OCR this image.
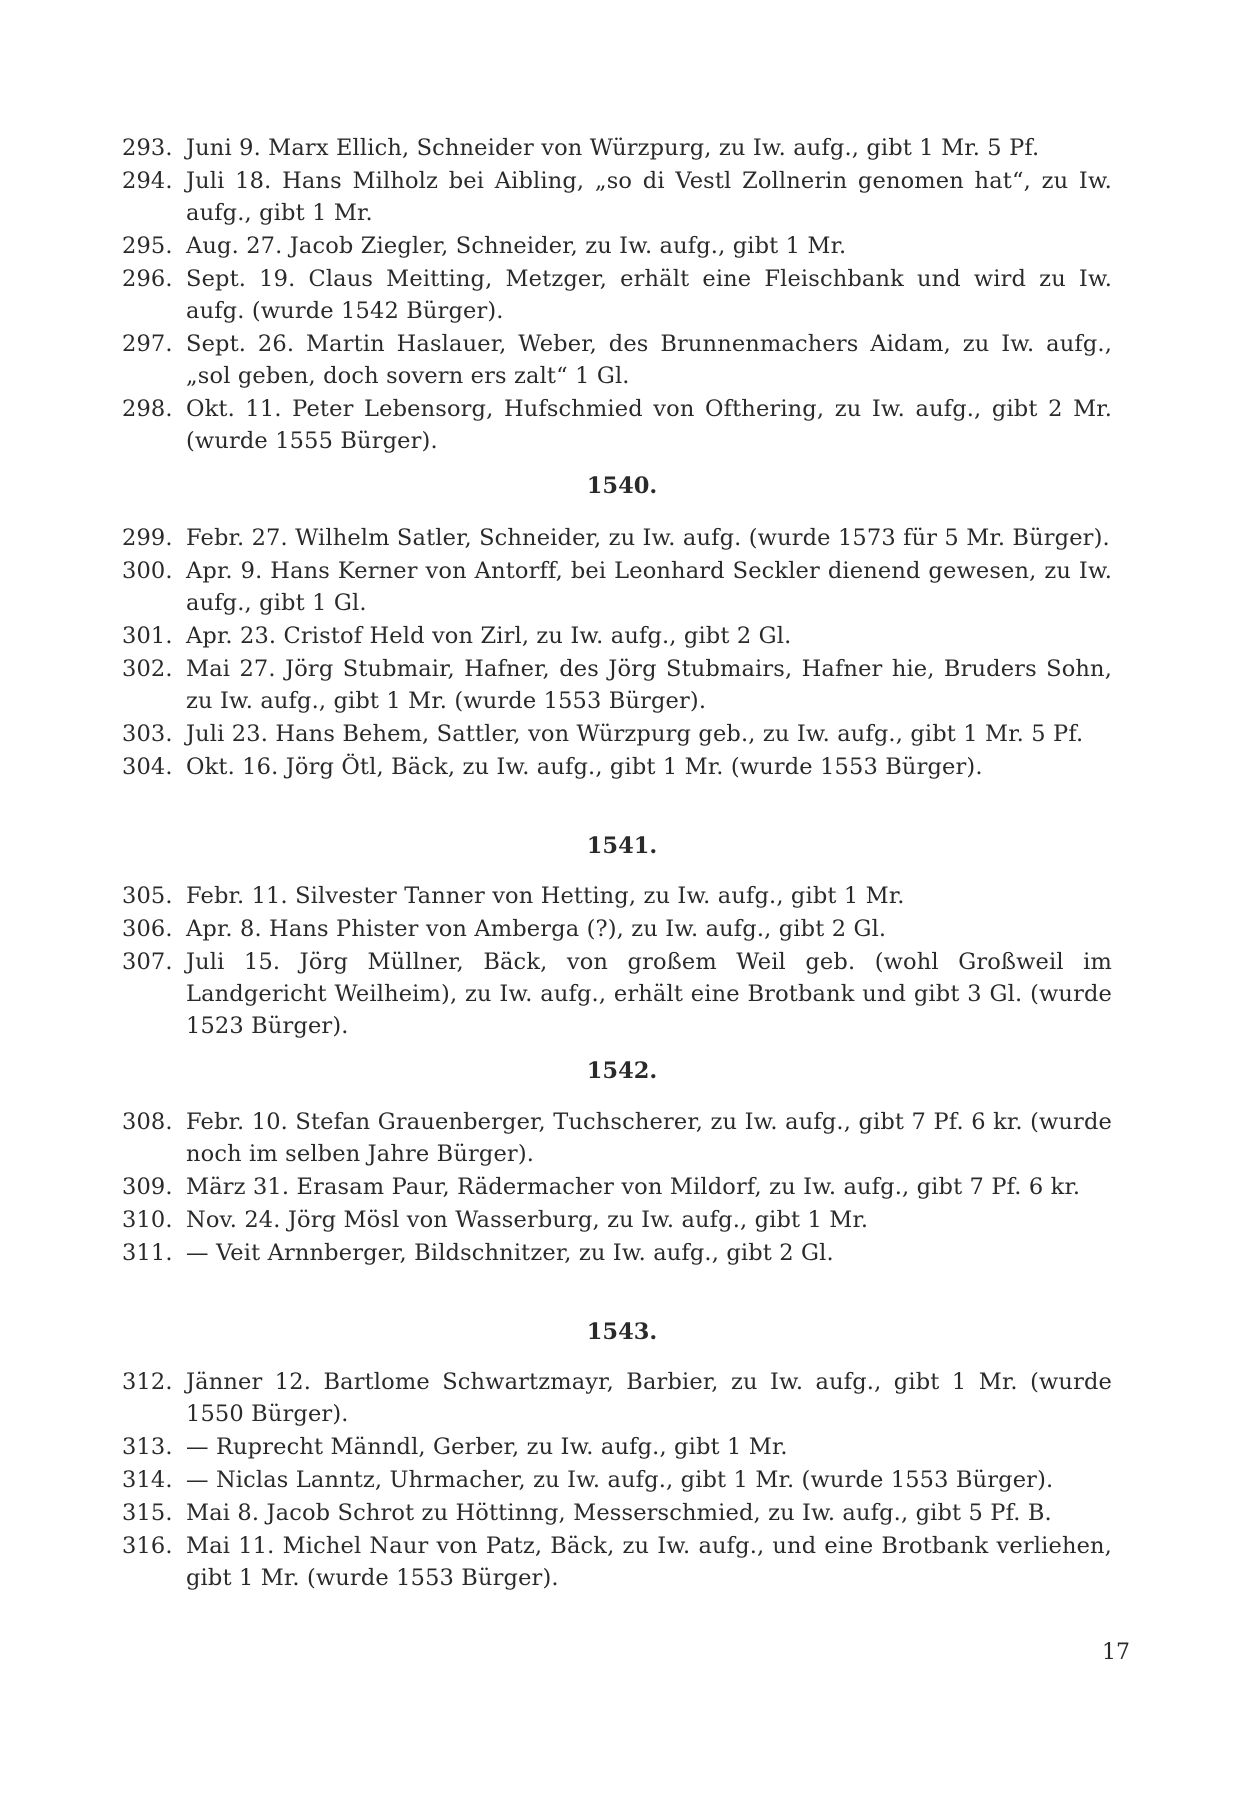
293. Juni 9. Marx Ellich, Schneider von Würzpurg, zu Iw. aufg., gibt 1 Mr. 5 Pf.
294. Juli 18. Hans Milholz bei Aibling, „so di Vestl Zollnerin genomen hat“, zu Iw. aufg., gibt 1 Mr.
295. Aug. 27. Jacob Ziegler, Schneider, zu Iw. aufg., gibt 1 Mr.
296. Sept. 19. Claus Meitting, Metzger, erhält eine Fleischbank und wird zu Iw. aufg. (wurde 1542 Bürger).
297. Sept. 26. Martin Haslauer, Weber, des Brunnenmachers Aidam, zu Iw. aufg., „sol geben, doch sovern ers zalt“ 1 Gl.
298. Okt. 11. Peter Lebensorg, Hufschmied von Ofthering, zu Iw. aufg., gibt 2 Mr. (wurde 1555 Bürger).
1540.
299. Febr. 27. Wilhelm Satler, Schneider, zu Iw. aufg. (wurde 1573 für 5 Mr. Bürger).
300. Apr. 9. Hans Kerner von Antorff, bei Leonhard Seckler dienend gewesen, zu Iw. aufg., gibt 1 Gl.
301. Apr. 23. Cristof Held von Zirl, zu Iw. aufg., gibt 2 Gl.
302. Mai 27. Jörg Stubmair, Hafner, des Jörg Stubmairs, Hafner hie, Bruders Sohn, zu Iw. aufg., gibt 1 Mr. (wurde 1553 Bürger).
303. Juli 23. Hans Behem, Sattler, von Würzpurg geb., zu Iw. aufg., gibt 1 Mr. 5 Pf.
304. Okt. 16. Jörg Ötl, Bäck, zu Iw. aufg., gibt 1 Mr. (wurde 1553 Bürger).
1541.
305. Febr. 11. Silvester Tanner von Hetting, zu Iw. aufg., gibt 1 Mr.
306. Apr. 8. Hans Phister von Amberga (?), zu Iw. aufg., gibt 2 Gl.
307. Juli 15. Jörg Müllner, Bäck, von großem Weil geb. (wohl Großweil im Landgericht Weilheim), zu Iw. aufg., erhält eine Brotbank und gibt 3 Gl. (wurde 1523 Bürger).
1542.
308. Febr. 10. Stefan Grauenberger, Tuchscherer, zu Iw. aufg., gibt 7 Pf. 6 kr. (wurde noch im selben Jahre Bürger).
309. März 31. Erasam Paur, Rädermacher von Mildorf, zu Iw. aufg., gibt 7 Pf. 6 kr.
310. Nov. 24. Jörg Mösl von Wasserburg, zu Iw. aufg., gibt 1 Mr.
311. — Veit Arnnberger, Bildschnitzer, zu Iw. aufg., gibt 2 Gl.
1543.
312. Jänner 12. Bartlome Schwartzmayr, Barbier, zu Iw. aufg., gibt 1 Mr. (wurde 1550 Bürger).
313. — Ruprecht Männdl, Gerber, zu Iw. aufg., gibt 1 Mr.
314. — Niclas Lanntz, Uhrmacher, zu Iw. aufg., gibt 1 Mr. (wurde 1553 Bürger).
315. Mai 8. Jacob Schrot zu Höttinng, Messerschmied, zu Iw. aufg., gibt 5 Pf. B.
316. Mai 11. Michel Naur von Patz, Bäck, zu Iw. aufg., und eine Brotbank verliehen, gibt 1 Mr. (wurde 1553 Bürger).
17
